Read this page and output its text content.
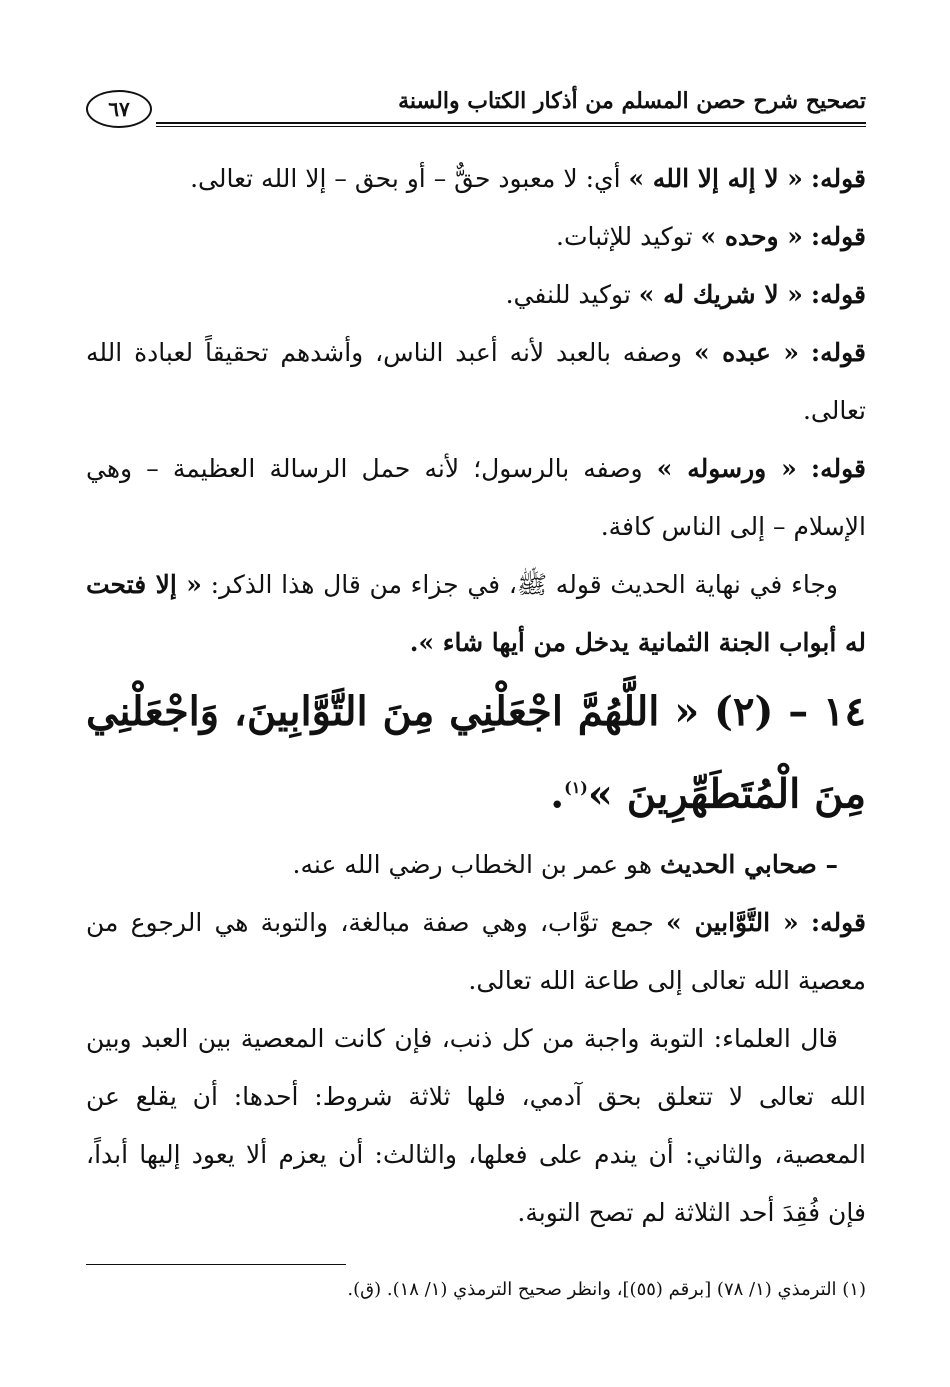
تصحيح شرح حصن المسلم من أذكار الكتاب والسنة
٦٧

قوله: « لا إله إلا الله » أي: لا معبود حقٌّ – أو بحق – إلا الله تعالى.

قوله: « وحده » توكيد للإثبات.

قوله: « لا شريك له » توكيد للنفي.

قوله: « عبده » وصفه بالعبد لأنه أعبد الناس، وأشدهم تحقيقاً لعبادة الله تعالى.

قوله: « ورسوله » وصفه بالرسول؛ لأنه حمل الرسالة العظيمة – وهي الإسلام – إلى الناس كافة.

وجاء في نهاية الحديث قوله ﷺ، في جزاء من قال هذا الذكر: « إلا فتحت له أبواب الجنة الثمانية يدخل من أيها شاء ».

١٤ – (٢) « اللَّهُمَّ اجْعَلْنِي مِنَ التَّوَّابِينَ، وَاجْعَلْنِي مِنَ الْمُتَطَهِّرِينَ »$^{(١)}$.

– صحابي الحديث هو عمر بن الخطاب رضي الله عنه.

قوله: « التَّوَّابين » جمع توَّاب، وهي صفة مبالغة، والتوبة هي الرجوع من معصية الله تعالى إلى طاعة الله تعالى.

قال العلماء: التوبة واجبة من كل ذنب، فإن كانت المعصية بين العبد وبين الله تعالى لا تتعلق بحق آدمي، فلها ثلاثة شروط: أحدها: أن يقلع عن المعصية، والثاني: أن يندم على فعلها، والثالث: أن يعزم ألا يعود إليها أبداً، فإن فُقِدَ أحد الثلاثة لم تصح التوبة.

(١) الترمذي (١/ ٧٨) [برقم (٥٥)]، وانظر صحيح الترمذي (١/ ١٨). (ق).
